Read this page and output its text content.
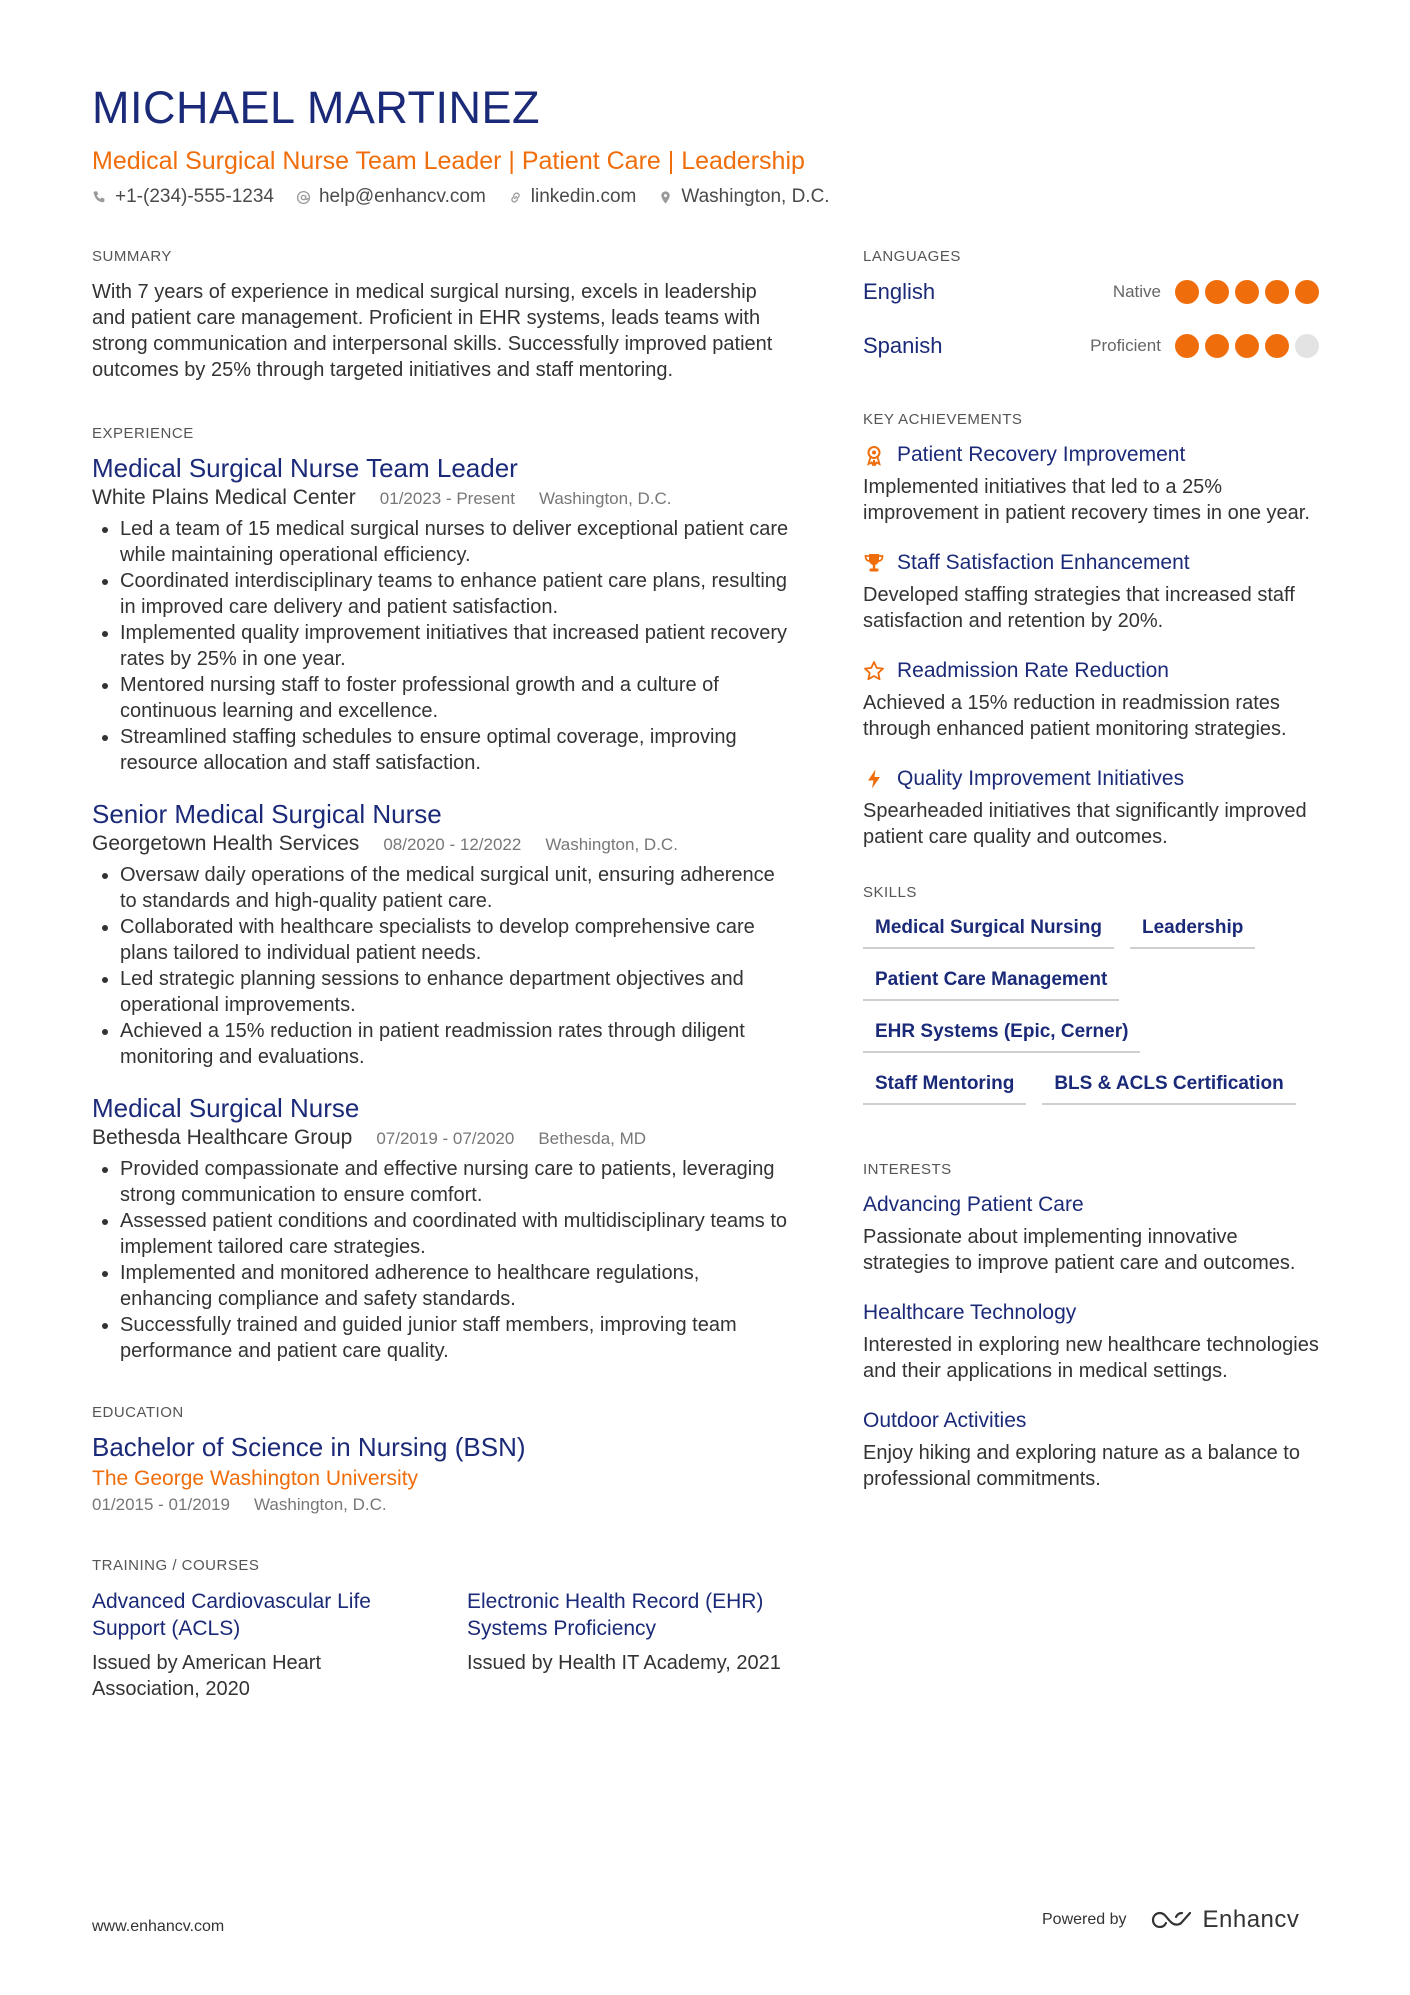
MICHAEL MARTINEZ
Medical Surgical Nurse Team Leader | Patient Care | Leadership
+1-(234)-555-1234 help@enhancv.com linkedin.com Washington, D.C.
SUMMARY
With 7 years of experience in medical surgical nursing, excels in leadership and patient care management. Proficient in EHR systems, leads teams with strong communication and interpersonal skills. Successfully improved patient outcomes by 25% through targeted initiatives and staff mentoring.
EXPERIENCE
Medical Surgical Nurse Team Leader
White Plains Medical Center 01/2023 - Present Washington, D.C.
• Led a team of 15 medical surgical nurses to deliver exceptional patient care while maintaining operational efficiency.
• Coordinated interdisciplinary teams to enhance patient care plans, resulting in improved care delivery and patient satisfaction.
• Implemented quality improvement initiatives that increased patient recovery rates by 25% in one year.
• Mentored nursing staff to foster professional growth and a culture of continuous learning and excellence.
• Streamlined staffing schedules to ensure optimal coverage, improving resource allocation and staff satisfaction.
Senior Medical Surgical Nurse
Georgetown Health Services 08/2020 - 12/2022 Washington, D.C.
• Oversaw daily operations of the medical surgical unit, ensuring adherence to standards and high-quality patient care.
• Collaborated with healthcare specialists to develop comprehensive care plans tailored to individual patient needs.
• Led strategic planning sessions to enhance department objectives and operational improvements.
• Achieved a 15% reduction in patient readmission rates through diligent monitoring and evaluations.
Medical Surgical Nurse
Bethesda Healthcare Group 07/2019 - 07/2020 Bethesda, MD
• Provided compassionate and effective nursing care to patients, leveraging strong communication to ensure comfort.
• Assessed patient conditions and coordinated with multidisciplinary teams to implement tailored care strategies.
• Implemented and monitored adherence to healthcare regulations, enhancing compliance and safety standards.
• Successfully trained and guided junior staff members, improving team performance and patient care quality.
EDUCATION
Bachelor of Science in Nursing (BSN)
The George Washington University
01/2015 - 01/2019 Washington, D.C.
TRAINING / COURSES
Advanced Cardiovascular Life Support (ACLS)
Issued by American Heart Association, 2020
Electronic Health Record (EHR) Systems Proficiency
Issued by Health IT Academy, 2021
LANGUAGES
English	Native
Spanish	Proficient
KEY ACHIEVEMENTS
Patient Recovery Improvement
Implemented initiatives that led to a 25% improvement in patient recovery times in one year.
Staff Satisfaction Enhancement
Developed staffing strategies that increased staff satisfaction and retention by 20%.
Readmission Rate Reduction
Achieved a 15% reduction in readmission rates through enhanced patient monitoring strategies.
Quality Improvement Initiatives
Spearheaded initiatives that significantly improved patient care quality and outcomes.
SKILLS
Medical Surgical Nursing	Leadership
Patient Care Management
EHR Systems (Epic, Cerner)
Staff Mentoring	BLS & ACLS Certification
INTERESTS
Advancing Patient Care
Passionate about implementing innovative strategies to improve patient care and outcomes.
Healthcare Technology
Interested in exploring new healthcare technologies and their applications in medical settings.
Outdoor Activities
Enjoy hiking and exploring nature as a balance to professional commitments.
www.enhancv.com	Powered by	Enhancv
